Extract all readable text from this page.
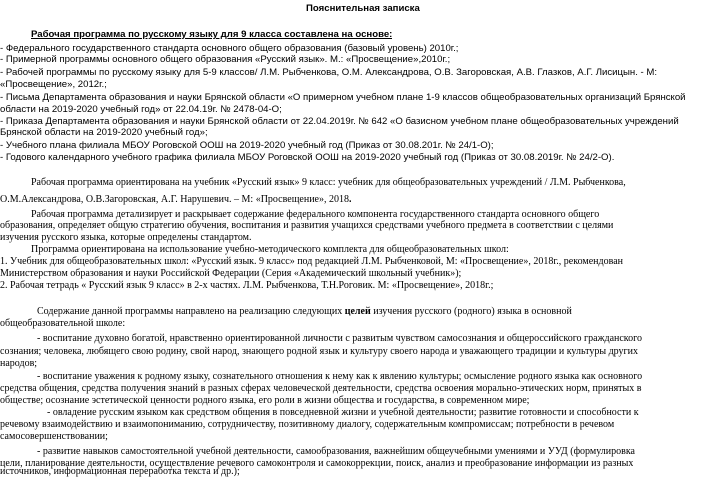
Пояснительная записка
Рабочая программа по русскому языку для 9 класса составлена на основе:
- Федерального государственного стандарта основного общего образования (базовый уровень) 2010г.;
- Примерной программы основного общего образования «Русский язык». М.: «Просвещение»,2010г.;
- Рабочей программы по русскому языку для 5-9 классов/ Л.М. Рыбченкова, О.М. Александрова, О.В. Загоровская, А.В. Глазков, А.Г. Лисицын. - М:
«Просвещение», 2012г.;
- Письма Департамента образования и науки Брянской области «О примерном учебном плане 1-9 классов общеобразовательных организаций Брянской
области на 2019-2020 учебный год» от 22.04.19г. № 2478-04-О;
- Приказа Департамента образования и науки Брянской области от 22.04.2019г. № 642 «О базисном учебном плане общеобразовательных учреждений
Брянской области на 2019-2020 учебный год»;
- Учебного плана филиала МБОУ Роговской ООШ на 2019-2020 учебный год (Приказ от 30.08.201г. № 24/1-О);
- Годового календарного учебного графика филиала МБОУ Роговской ООШ на 2019-2020 учебный год (Приказ от 30.08.2019г. № 24/2-О).
Рабочая программа ориентирована на учебник «Русский язык» 9 класс: учебник для общеобразовательных учреждений / Л.М. Рыбченкова,
О.М.Александрова, О.В.Загоровская, А.Г. Нарушевич. – М: «Просвещение», 2018.
Рабочая программа детализирует и раскрывает содержание федерального компонента государственного стандарта основного общего
образования, определяет общую стратегию обучения, воспитания и развития учащихся средствами учебного предмета в соответствии с целями
изучения русского языка, которые определены стандартом.
Программа ориентирована на использование учебно-методического комплекта для общеобразовательных школ:
1. Учебник для общеобразовательных школ: «Русский язык. 9 класс» под редакцией Л.М. Рыбченковой, М: «Просвещение», 2018г., рекомендован
Министерством образования и науки Российской Федерации (Серия «Академический школьный учебник»);
2. Рабочая тетрадь « Русский язык 9 класс» в 2-х частях. Л.М. Рыбченкова, Т.Н.Роговик. М: «Просвещение», 2018г.;
Содержание данной программы направлено на реализацию следующих целей изучения русского (родного) языка в основной
общеобразовательной школе:
- воспитание духовно богатой, нравственно ориентированной личности с развитым чувством самосознания и общероссийского гражданского
сознания; человека, любящего свою родину, свой народ, знающего родной язык и культуру своего народа и уважающего традиции и культуры других
народов;
- воспитание уважения к родному языку, сознательного отношения к нему как к явлению культуры; осмысление родного языка как основного
средства общения, средства получения знаний в разных сферах человеческой деятельности, средства освоения морально-этических норм, принятых в
обществе; осознание эстетической ценности родного языка, его роли в жизни общества и государства, в современном мире;
- овладение русским языком как средством общения в повседневной жизни и учебной деятельности; развитие готовности и способности к
речевому взаимодействию и взаимопониманию, сотрудничеству, позитивному диалогу, содержательным компромиссам; потребности в речевом
самосовершенствовании;
- развитие навыков самостоятельной учебной деятельности, самообразования, важнейшим общеучебными умениями и УУД (формулировка
цели, планирование деятельности, осуществление речевого самоконтроля и самокоррекции, поиск, анализ и преобразование информации из разных
источников, информационная переработка текста и др.);
